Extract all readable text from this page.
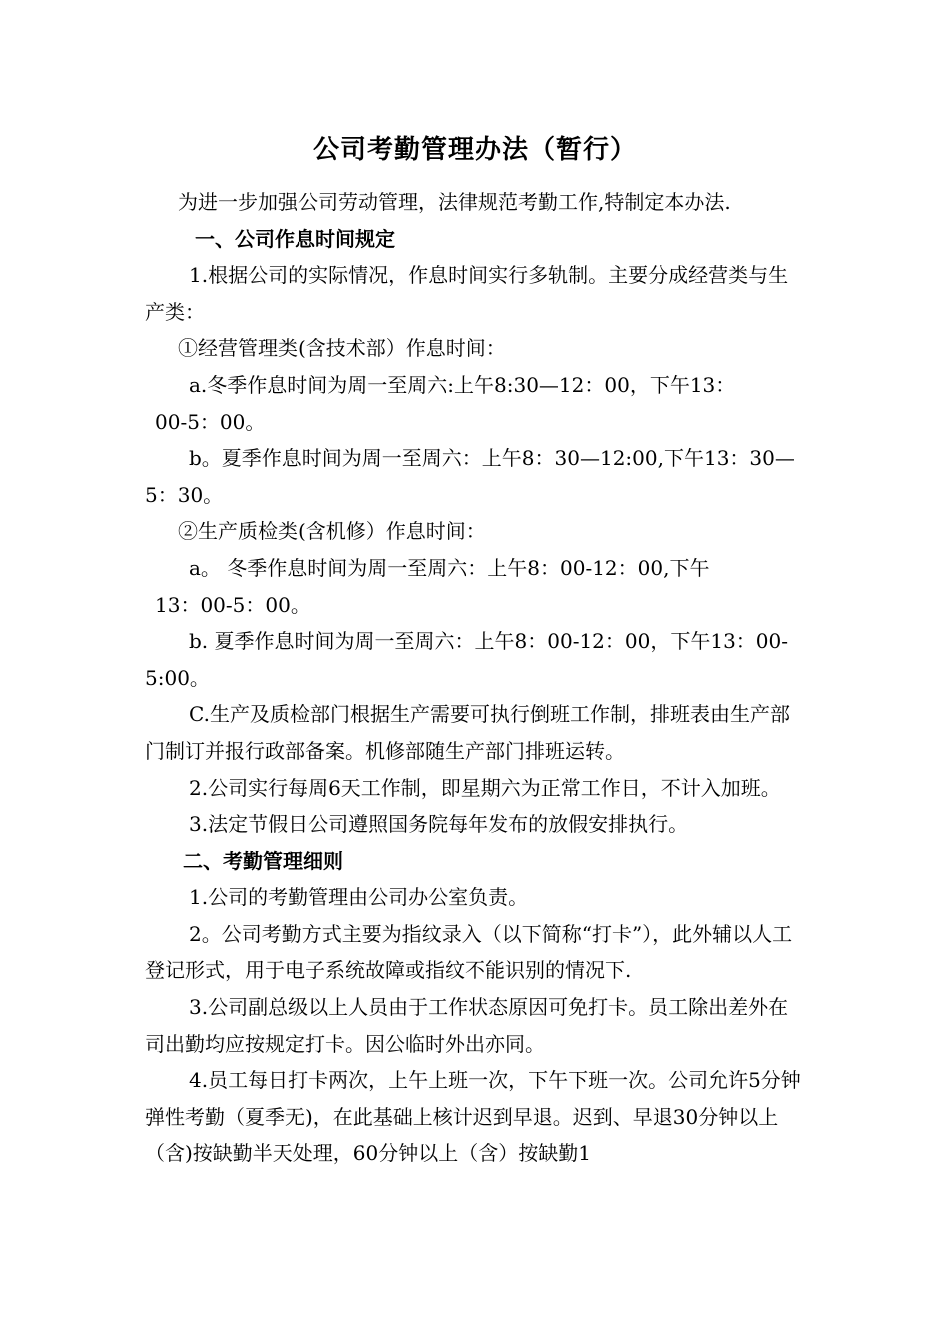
公司考勤管理办法（暂行）

为进一步加强公司劳动管理，法律规范考勤工作,特制定本办法.

一、公司作息时间规定

1.根据公司的实际情况，作息时间实行多轨制。主要分成经营类与生产类：

①经营管理类(含技术部）作息时间：

a.冬季作息时间为周一至周六:上午8:30—12：00，下午13：

00-5：00。

b。夏季作息时间为周一至周六：上午8：30—12:00,下午13：30—5：30。

②生产质检类(含机修）作息时间：

a。 冬季作息时间为周一至周六：上午8：00-12：00,下午

13：00-5：00。

b. 夏季作息时间为周一至周六：上午8：00-12：00，下午13：00-5:00。

C.生产及质检部门根据生产需要可执行倒班工作制，排班表由生产部门制订并报行政部备案。机修部随生产部门排班运转。

2.公司实行每周6天工作制，即星期六为正常工作日，不计入加班。

3.法定节假日公司遵照国务院每年发布的放假安排执行。

二、考勤管理细则

1.公司的考勤管理由公司办公室负责。

2。公司考勤方式主要为指纹录入（以下简称“打卡”），此外辅以人工登记形式，用于电子系统故障或指纹不能识别的情况下.

3.公司副总级以上人员由于工作状态原因可免打卡。员工除出差外在司出勤均应按规定打卡。因公临时外出亦同。

4.员工每日打卡两次，上午上班一次，下午下班一次。公司允许5分钟弹性考勤（夏季无)，在此基础上核计迟到早退。迟到、早退30分钟以上（含)按缺勤半天处理，60分钟以上（含）按缺勤1
